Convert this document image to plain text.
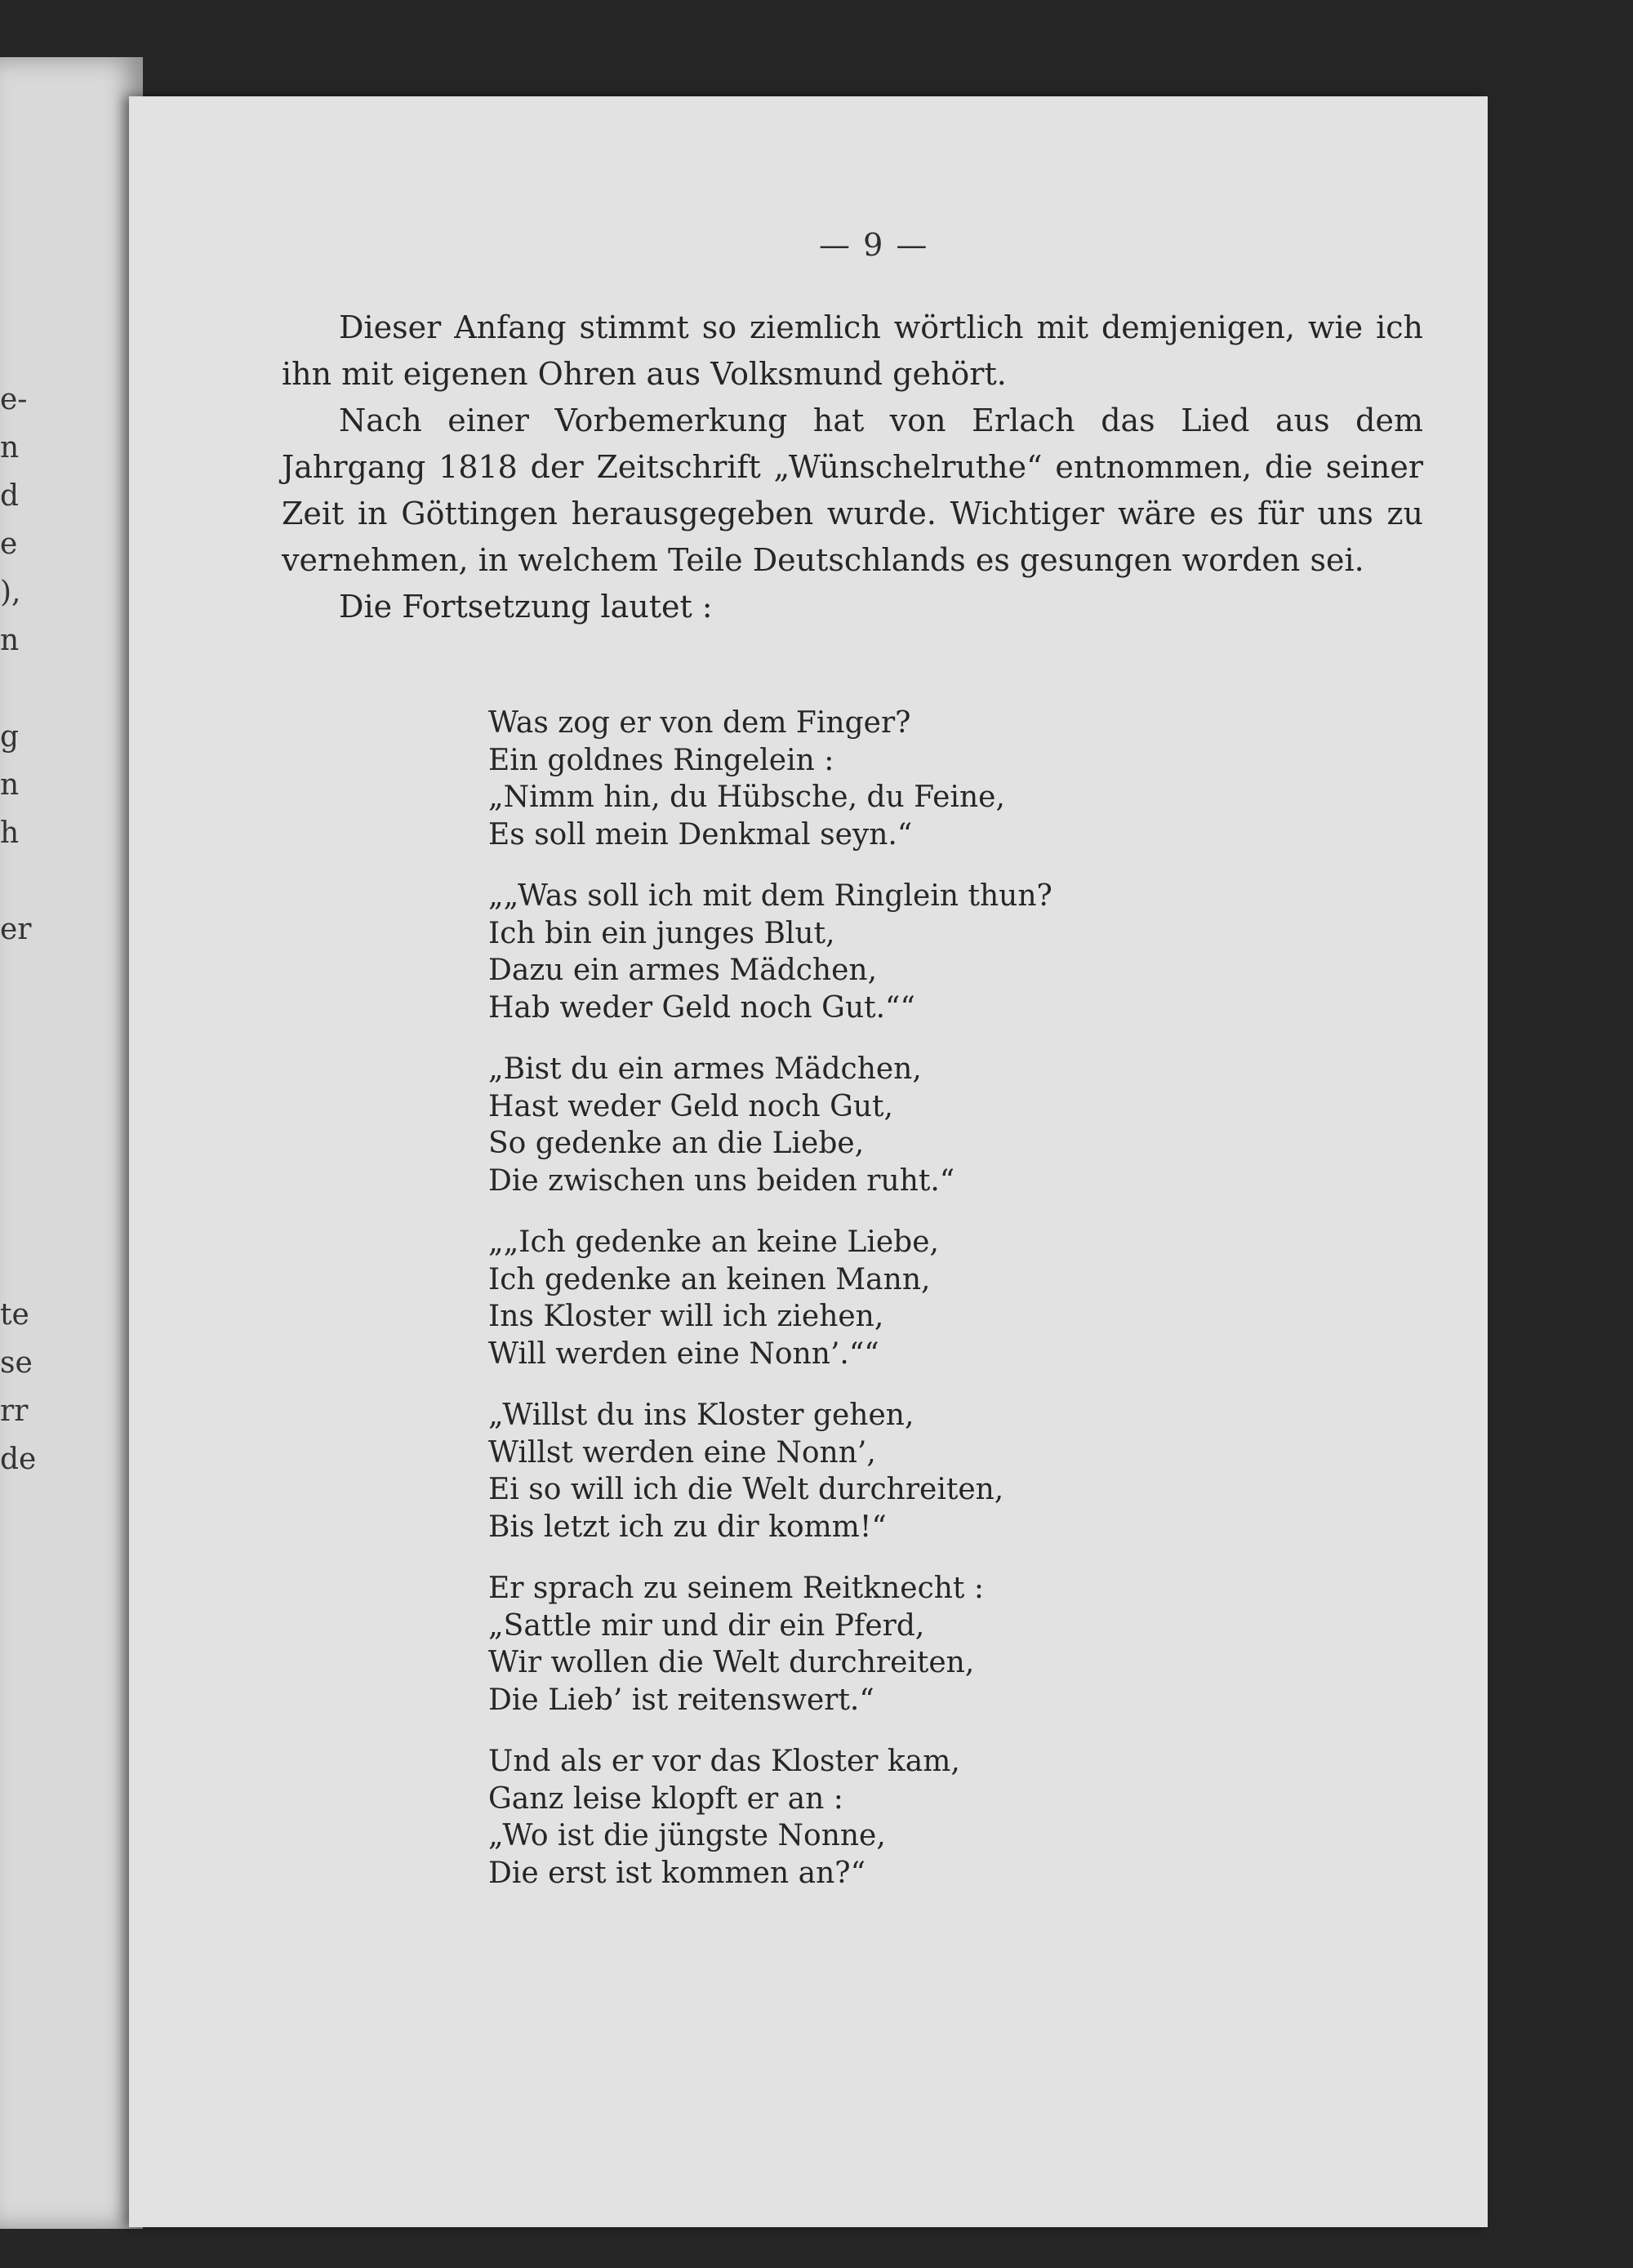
e-
n
d
e
),
n
g
n
h
er
te
se
rr
de
— 9 —

Dieser Anfang stimmt so ziemlich wörtlich mit demjenigen, wie ich ihn mit eigenen Ohren aus Volksmund gehört.

Nach einer Vorbemerkung hat von Erlach das Lied aus dem Jahrgang 1818 der Zeitschrift „Wünschelruthe“ entnommen, die seiner Zeit in Göttingen herausgegeben wurde. Wichtiger wäre es für uns zu vernehmen, in welchem Teile Deutschlands es gesungen worden sei.

Die Fortsetzung lautet :

Was zog er von dem Finger?
Ein goldnes Ringelein :
„Nimm hin, du Hübsche, du Feine,
Es soll mein Denkmal seyn.“
„„Was soll ich mit dem Ringlein thun?
Ich bin ein junges Blut,
Dazu ein armes Mädchen,
Hab weder Geld noch Gut.““
„Bist du ein armes Mädchen,
Hast weder Geld noch Gut,
So gedenke an die Liebe,
Die zwischen uns beiden ruht.“
„„Ich gedenke an keine Liebe,
Ich gedenke an keinen Mann,
Ins Kloster will ich ziehen,
Will werden eine Nonn’.““
„Willst du ins Kloster gehen,
Willst werden eine Nonn’,
Ei so will ich die Welt durchreiten,
Bis letzt ich zu dir komm!“
Er sprach zu seinem Reitknecht :
„Sattle mir und dir ein Pferd,
Wir wollen die Welt durchreiten,
Die Lieb’ ist reitenswert.“
Und als er vor das Kloster kam,
Ganz leise klopft er an :
„Wo ist die jüngste Nonne,
Die erst ist kommen an?“
